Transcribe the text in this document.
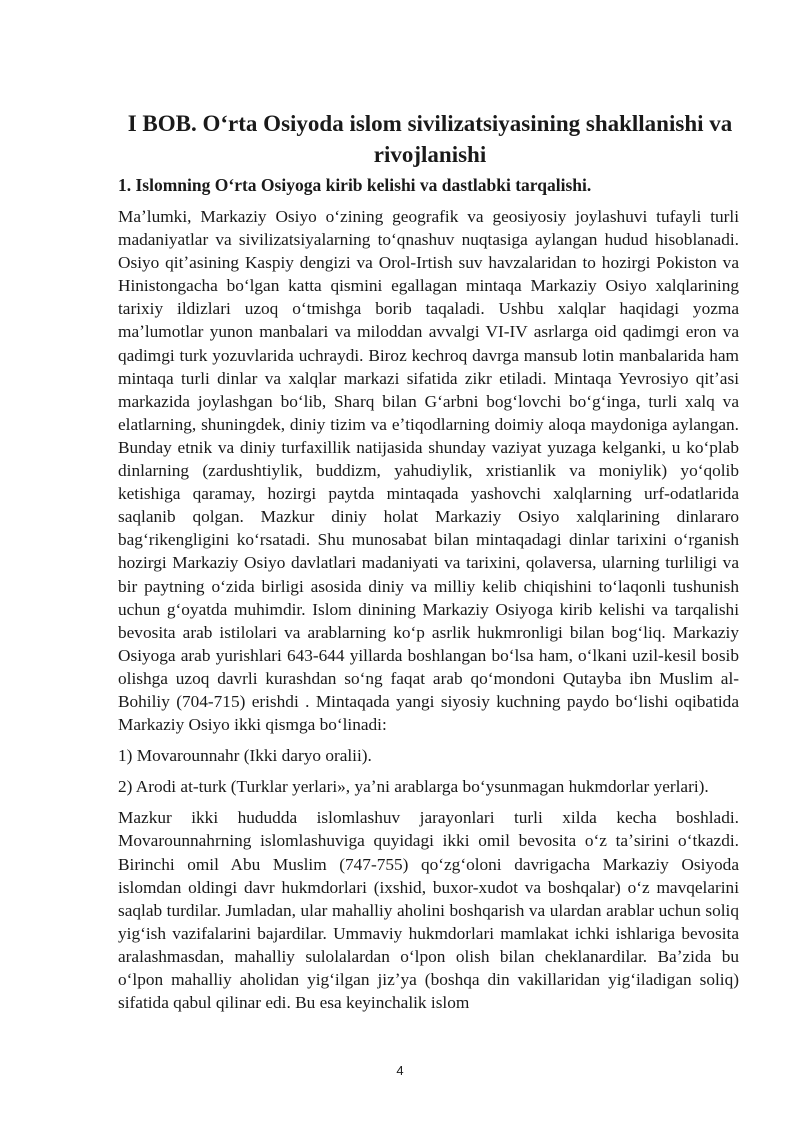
I BOB. Oʻrta Osiyoda islom sivilizatsiyasining shakllanishi va rivojlanishi
1. Islomning Oʻrta Osiyoga kirib kelishi va dastlabki tarqalishi.

Maʼlumki, Markaziy Osiyo oʻzining geografik va geosiyosiy joylashuvi tufayli turli madaniyatlar va sivilizatsiyalarning toʻqnashuv nuqtasiga aylangan hudud hisoblanadi. Osiyo qitʼasining Kaspiy dengizi va Orol-Irtish suv havzalaridan to hozirgi Pokiston va Hinistongacha boʻlgan katta qismini egallagan mintaqa Markaziy Osiyo xalqlarining tarixiy ildizlari uzoq oʻtmishga borib taqaladi. Ushbu xalqlar haqidagi yozma maʼlumotlar yunon manbalari va miloddan avvalgi VI-IV asrlarga oid qadimgi eron va qadimgi turk yozuvlarida uchraydi. Biroz kechroq davrga mansub lotin manbalarida ham mintaqa turli dinlar va xalqlar markazi sifatida zikr etiladi. Mintaqa Yevrosiyo qitʼasi markazida joylashgan boʻlib, Sharq bilan Gʻarbni bogʻlovchi boʻgʻinga, turli xalq va elatlarning, shuningdek, diniy tizim va eʼtiqodlarning doimiy aloqa maydoniga aylangan. Bunday etnik va diniy turfaxillik natijasida shunday vaziyat yuzaga kelganki, u koʻplab dinlarning (zardushtiylik, buddizm, yahudiylik, xristianlik va moniylik) yoʻqolib ketishiga qaramay, hozirgi paytda mintaqada yashovchi xalqlarning urf-odatlarida saqlanib qolgan. Mazkur diniy holat Markaziy Osiyo xalqlarining dinlararo bagʻrikengligini koʻrsatadi. Shu munosabat bilan mintaqadagi dinlar tarixini oʻrganish hozirgi Markaziy Osiyo davlatlari madaniyati va tarixini, qolaversa, ularning turliligi va bir paytning oʻzida birligi asosida diniy va milliy kelib chiqishini toʻlaqonli tushunish uchun gʻoyatda muhimdir. Islom dinining Markaziy Osiyoga kirib kelishi va tarqalishi bevosita arab istilolari va arablarning koʻp asrlik hukmronligi bilan bogʻliq. Markaziy Osiyoga arab yurishlari 643-644 yillarda boshlangan boʻlsa ham, oʻlkani uzil-kesil bosib olishga uzoq davrli kurashdan soʻng faqat arab qoʻmondoni Qutayba ibn Muslim al-Bohiliy (704-715) erishdi . Mintaqada yangi siyosiy kuchning paydo boʻlishi oqibatida Markaziy Osiyo ikki qismga boʻlinadi:

1) Movarounnahr (Ikki daryo oralii).

2) Arodi at-turk (Turklar yerlari», yaʼni arablarga boʻysunmagan hukmdorlar yerlari).

Mazkur ikki hududda islomlashuv jarayonlari turli xilda kecha boshladi. Movarounnahrning islomlashuviga quyidagi ikki omil bevosita oʻz taʼsirini oʻtkazdi. Birinchi omil Abu Muslim (747-755) qoʻzgʻoloni davrigacha Markaziy Osiyoda islomdan oldingi davr hukmdorlari (ixshid, buxor-xudot va boshqalar) oʻz mavqelarini saqlab turdilar. Jumladan, ular mahalliy aholini boshqarish va ulardan arablar uchun soliq yigʻish vazifalarini bajardilar. Ummaviy hukmdorlari mamlakat ichki ishlariga bevosita aralashmasdan, mahalliy sulolalardan oʻlpon olish bilan cheklanardilar. Baʼzida bu oʻlpon mahalliy aholidan yigʻilgan jizʼya (boshqa din vakillaridan yigʻiladigan soliq) sifatida qabul qilinar edi. Bu esa keyinchalik islom

4
